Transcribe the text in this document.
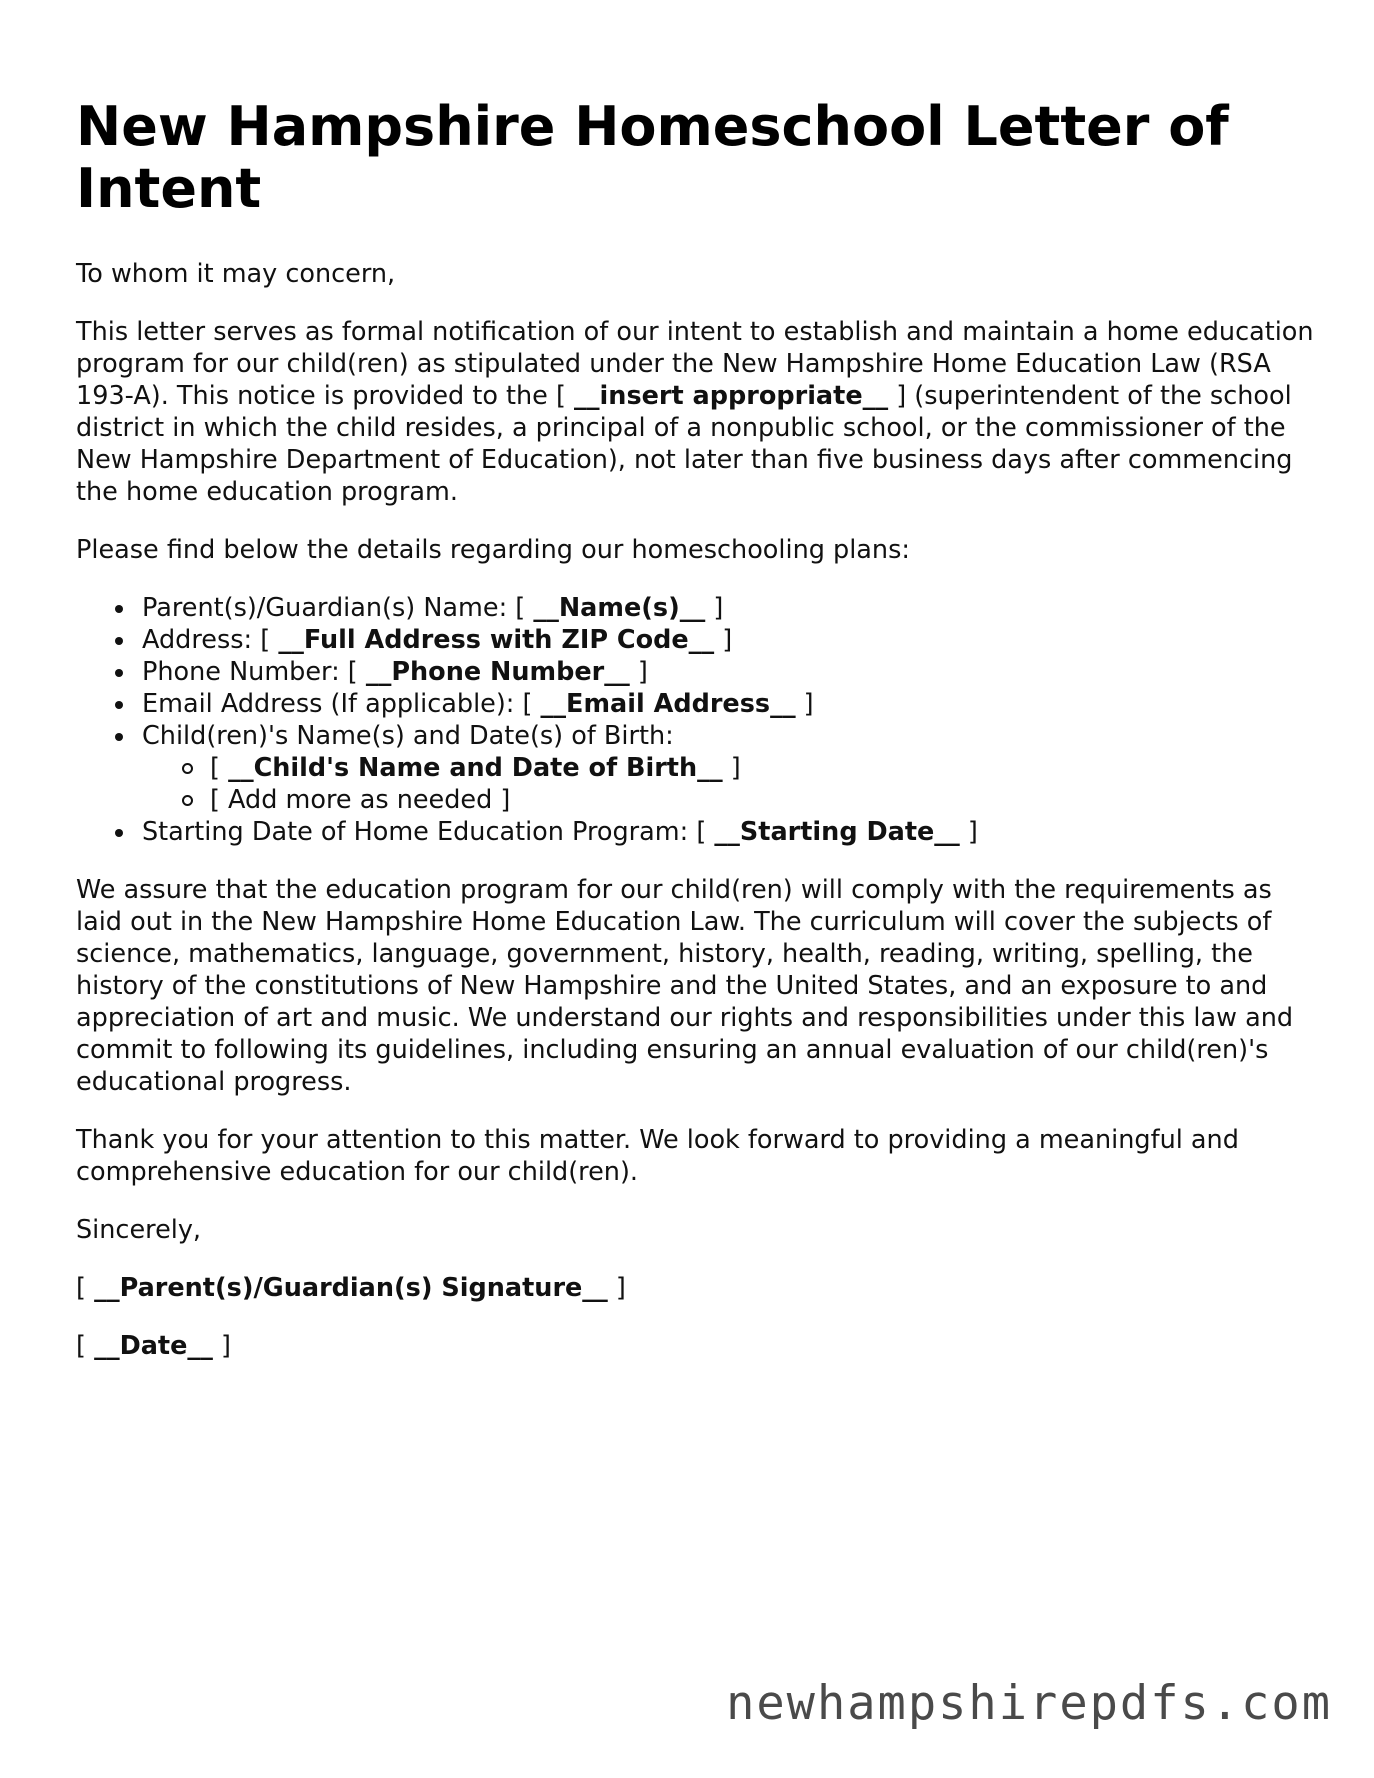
New Hampshire Homeschool Letter of Intent

To whom it may concern,

This letter serves as formal notification of our intent to establish and maintain a home education program for our child(ren) as stipulated under the New Hampshire Home Education Law (RSA 193-A). This notice is provided to the [ __insert appropriate__ ] (superintendent of the school district in which the child resides, a principal of a nonpublic school, or the commissioner of the New Hampshire Department of Education), not later than five business days after commencing the home education program.

Please find below the details regarding our homeschooling plans:

Parent(s)/Guardian(s) Name: [ __Name(s)__ ]
Address: [ __Full Address with ZIP Code__ ]
Phone Number: [ __Phone Number__ ]
Email Address (If applicable): [ __Email Address__ ]
Child(ren)'s Name(s) and Date(s) of Birth:
[ __Child's Name and Date of Birth__ ]
[ Add more as needed ]
Starting Date of Home Education Program: [ __Starting Date__ ]

We assure that the education program for our child(ren) will comply with the requirements as laid out in the New Hampshire Home Education Law. The curriculum will cover the subjects of science, mathematics, language, government, history, health, reading, writing, spelling, the history of the constitutions of New Hampshire and the United States, and an exposure to and appreciation of art and music. We understand our rights and responsibilities under this law and commit to following its guidelines, including ensuring an annual evaluation of our child(ren)'s educational progress.

Thank you for your attention to this matter. We look forward to providing a meaningful and comprehensive education for our child(ren).

Sincerely,

[ __Parent(s)/Guardian(s) Signature__ ]

[ __Date__ ]

newhampshirepdfs.com
